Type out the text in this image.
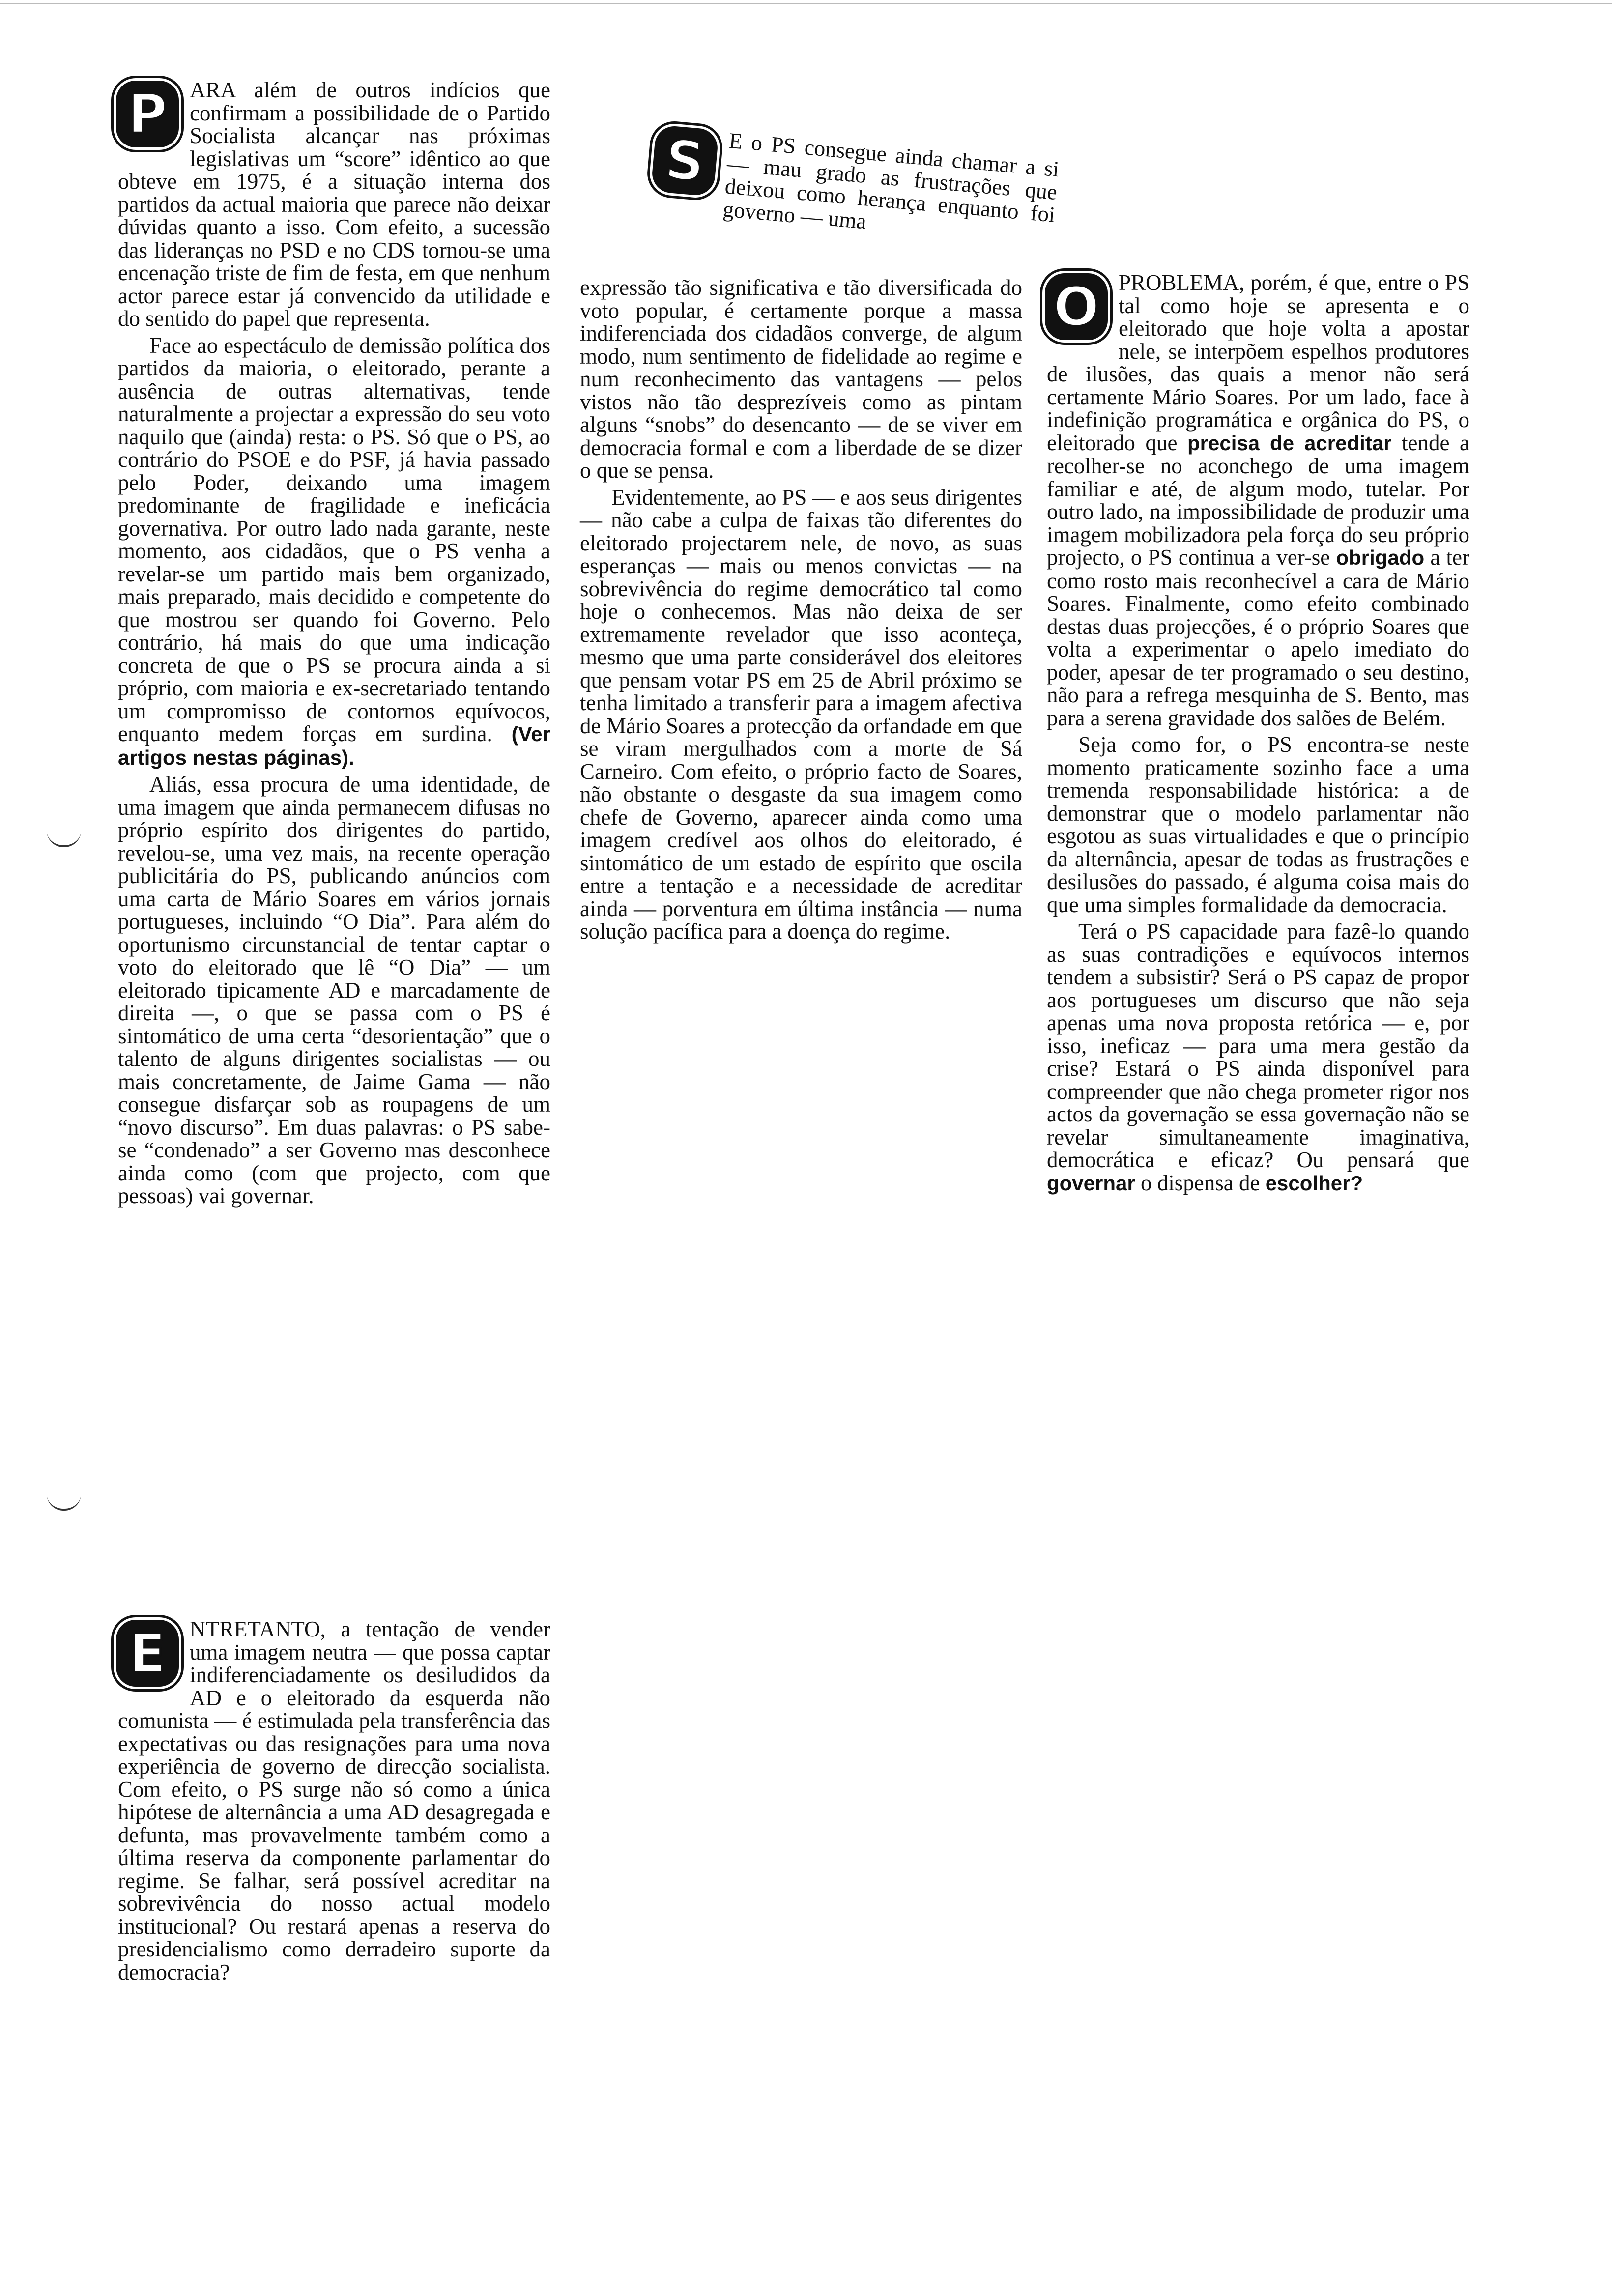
P ARA além de outros indícios que confirmam a possibilidade de o Partido Socialista alcançar nas próximas legislativas um “score” idêntico ao que obteve em 1975, é a situação interna dos partidos da actual maioria que parece não deixar dúvidas quanto a isso. Com efeito, a sucessão das lideranças no PSD e no CDS tornou-se uma encenação triste de fim de festa, em que nenhum actor parece estar já convencido da utilidade e do sentido do papel que representa.

Face ao espectáculo de demissão política dos partidos da maioria, o eleitorado, perante a ausência de outras alternativas, tende naturalmente a projectar a expressão do seu voto naquilo que (ainda) resta: o PS. Só que o PS, ao contrário do PSOE e do PSF, já havia passado pelo Poder, deixando uma imagem predominante de fragilidade e ineficácia governativa. Por outro lado nada garante, neste momento, aos cidadãos, que o PS venha a revelar-se um partido mais bem organizado, mais preparado, mais decidido e competente do que mostrou ser quando foi Governo. Pelo contrário, há mais do que uma indicação concreta de que o PS se procura ainda a si próprio, com maioria e ex-secretariado tentando um compromisso de contornos equívocos, enquanto medem forças em surdina. (Ver artigos nestas páginas).

Aliás, essa procura de uma identidade, de uma imagem que ainda permanecem difusas no próprio espírito dos dirigentes do partido, revelou-se, uma vez mais, na recente operação publicitária do PS, publicando anúncios com uma carta de Mário Soares em vários jornais portugueses, incluindo “O Dia”. Para além do oportunismo circunstancial de tentar captar o voto do eleitorado que lê “O Dia” — um eleitorado tipicamente AD e marcadamente de direita —, o que se passa com o PS é sintomático de uma certa “desorientação” que o talento de alguns dirigentes socialistas — ou mais concretamente, de Jaime Gama — não consegue disfarçar sob as roupagens de um “novo discurso”. Em duas palavras: o PS sabe-se “condenado” a ser Governo mas desconhece ainda como (com que projecto, com que pessoas) vai governar.

E NTRETANTO, a tentação de vender uma imagem neutra — que possa captar indiferenciadamente os desiludidos da AD e o eleitorado da esquerda não comunista — é estimulada pela transferência das expectativas ou das resignações para uma nova experiência de governo de direcção socialista. Com efeito, o PS surge não só como a única hipótese de alternância a uma AD desagregada e defunta, mas provavelmente também como a última reserva da componente parlamentar do regime. Se falhar, será possível acreditar na sobrevivência do nosso actual modelo institucional? Ou restará apenas a reserva do presidencialismo como derradeiro suporte da democracia?

S E o PS consegue ainda chamar a si — mau grado as frustrações que deixou como herança enquanto foi governo — uma

expressão tão significativa e tão diversificada do voto popular, é certamente porque a massa indiferenciada dos cidadãos converge, de algum modo, num sentimento de fidelidade ao regime e num reconhecimento das vantagens — pelos vistos não tão desprezíveis como as pintam alguns “snobs” do desencanto — de se viver em democracia formal e com a liberdade de se dizer o que se pensa.

Evidentemente, ao PS — e aos seus dirigentes — não cabe a culpa de faixas tão diferentes do eleitorado projectarem nele, de novo, as suas esperanças — mais ou menos convictas — na sobrevivência do regime democrático tal como hoje o conhecemos. Mas não deixa de ser extremamente revelador que isso aconteça, mesmo que uma parte considerável dos eleitores que pensam votar PS em 25 de Abril próximo se tenha limitado a transferir para a imagem afectiva de Mário Soares a protecção da orfandade em que se viram mergulhados com a morte de Sá Carneiro. Com efeito, o próprio facto de Soares, não obstante o desgaste da sua imagem como chefe de Governo, aparecer ainda como uma imagem credível aos olhos do eleitorado, é sintomático de um estado de espírito que oscila entre a tentação e a necessidade de acreditar ainda — porventura em última instância — numa solução pacífica para a doença do regime.

O PROBLEMA, porém, é que, entre o PS tal como hoje se apresenta e o eleitorado que hoje volta a apostar nele, se interpõem espelhos produtores de ilusões, das quais a menor não será certamente Mário Soares. Por um lado, face à indefinição programática e orgânica do PS, o eleitorado que precisa de acreditar tende a recolher-se no aconchego de uma imagem familiar e até, de algum modo, tutelar. Por outro lado, na impossibilidade de produzir uma imagem mobilizadora pela força do seu próprio projecto, o PS continua a ver-se obrigado a ter como rosto mais reconhecível a cara de Mário Soares. Finalmente, como efeito combinado destas duas projecções, é o próprio Soares que volta a experimentar o apelo imediato do poder, apesar de ter programado o seu destino, não para a refrega mesquinha de S. Bento, mas para a serena gravidade dos salões de Belém.

Seja como for, o PS encontra-se neste momento praticamente sozinho face a uma tremenda responsabilidade histórica: a de demonstrar que o modelo parlamentar não esgotou as suas virtualidades e que o princípio da alternância, apesar de todas as frustrações e desilusões do passado, é alguma coisa mais do que uma simples formalidade da democracia.

Terá o PS capacidade para fazê-lo quando as suas contradições e equívocos internos tendem a subsistir? Será o PS capaz de propor aos portugueses um discurso que não seja apenas uma nova proposta retórica — e, por isso, ineficaz — para uma mera gestão da crise? Estará o PS ainda disponível para compreender que não chega prometer rigor nos actos da governação se essa governação não se revelar simultaneamente imaginativa, democrática e eficaz? Ou pensará que governar o dispensa de escolher?
